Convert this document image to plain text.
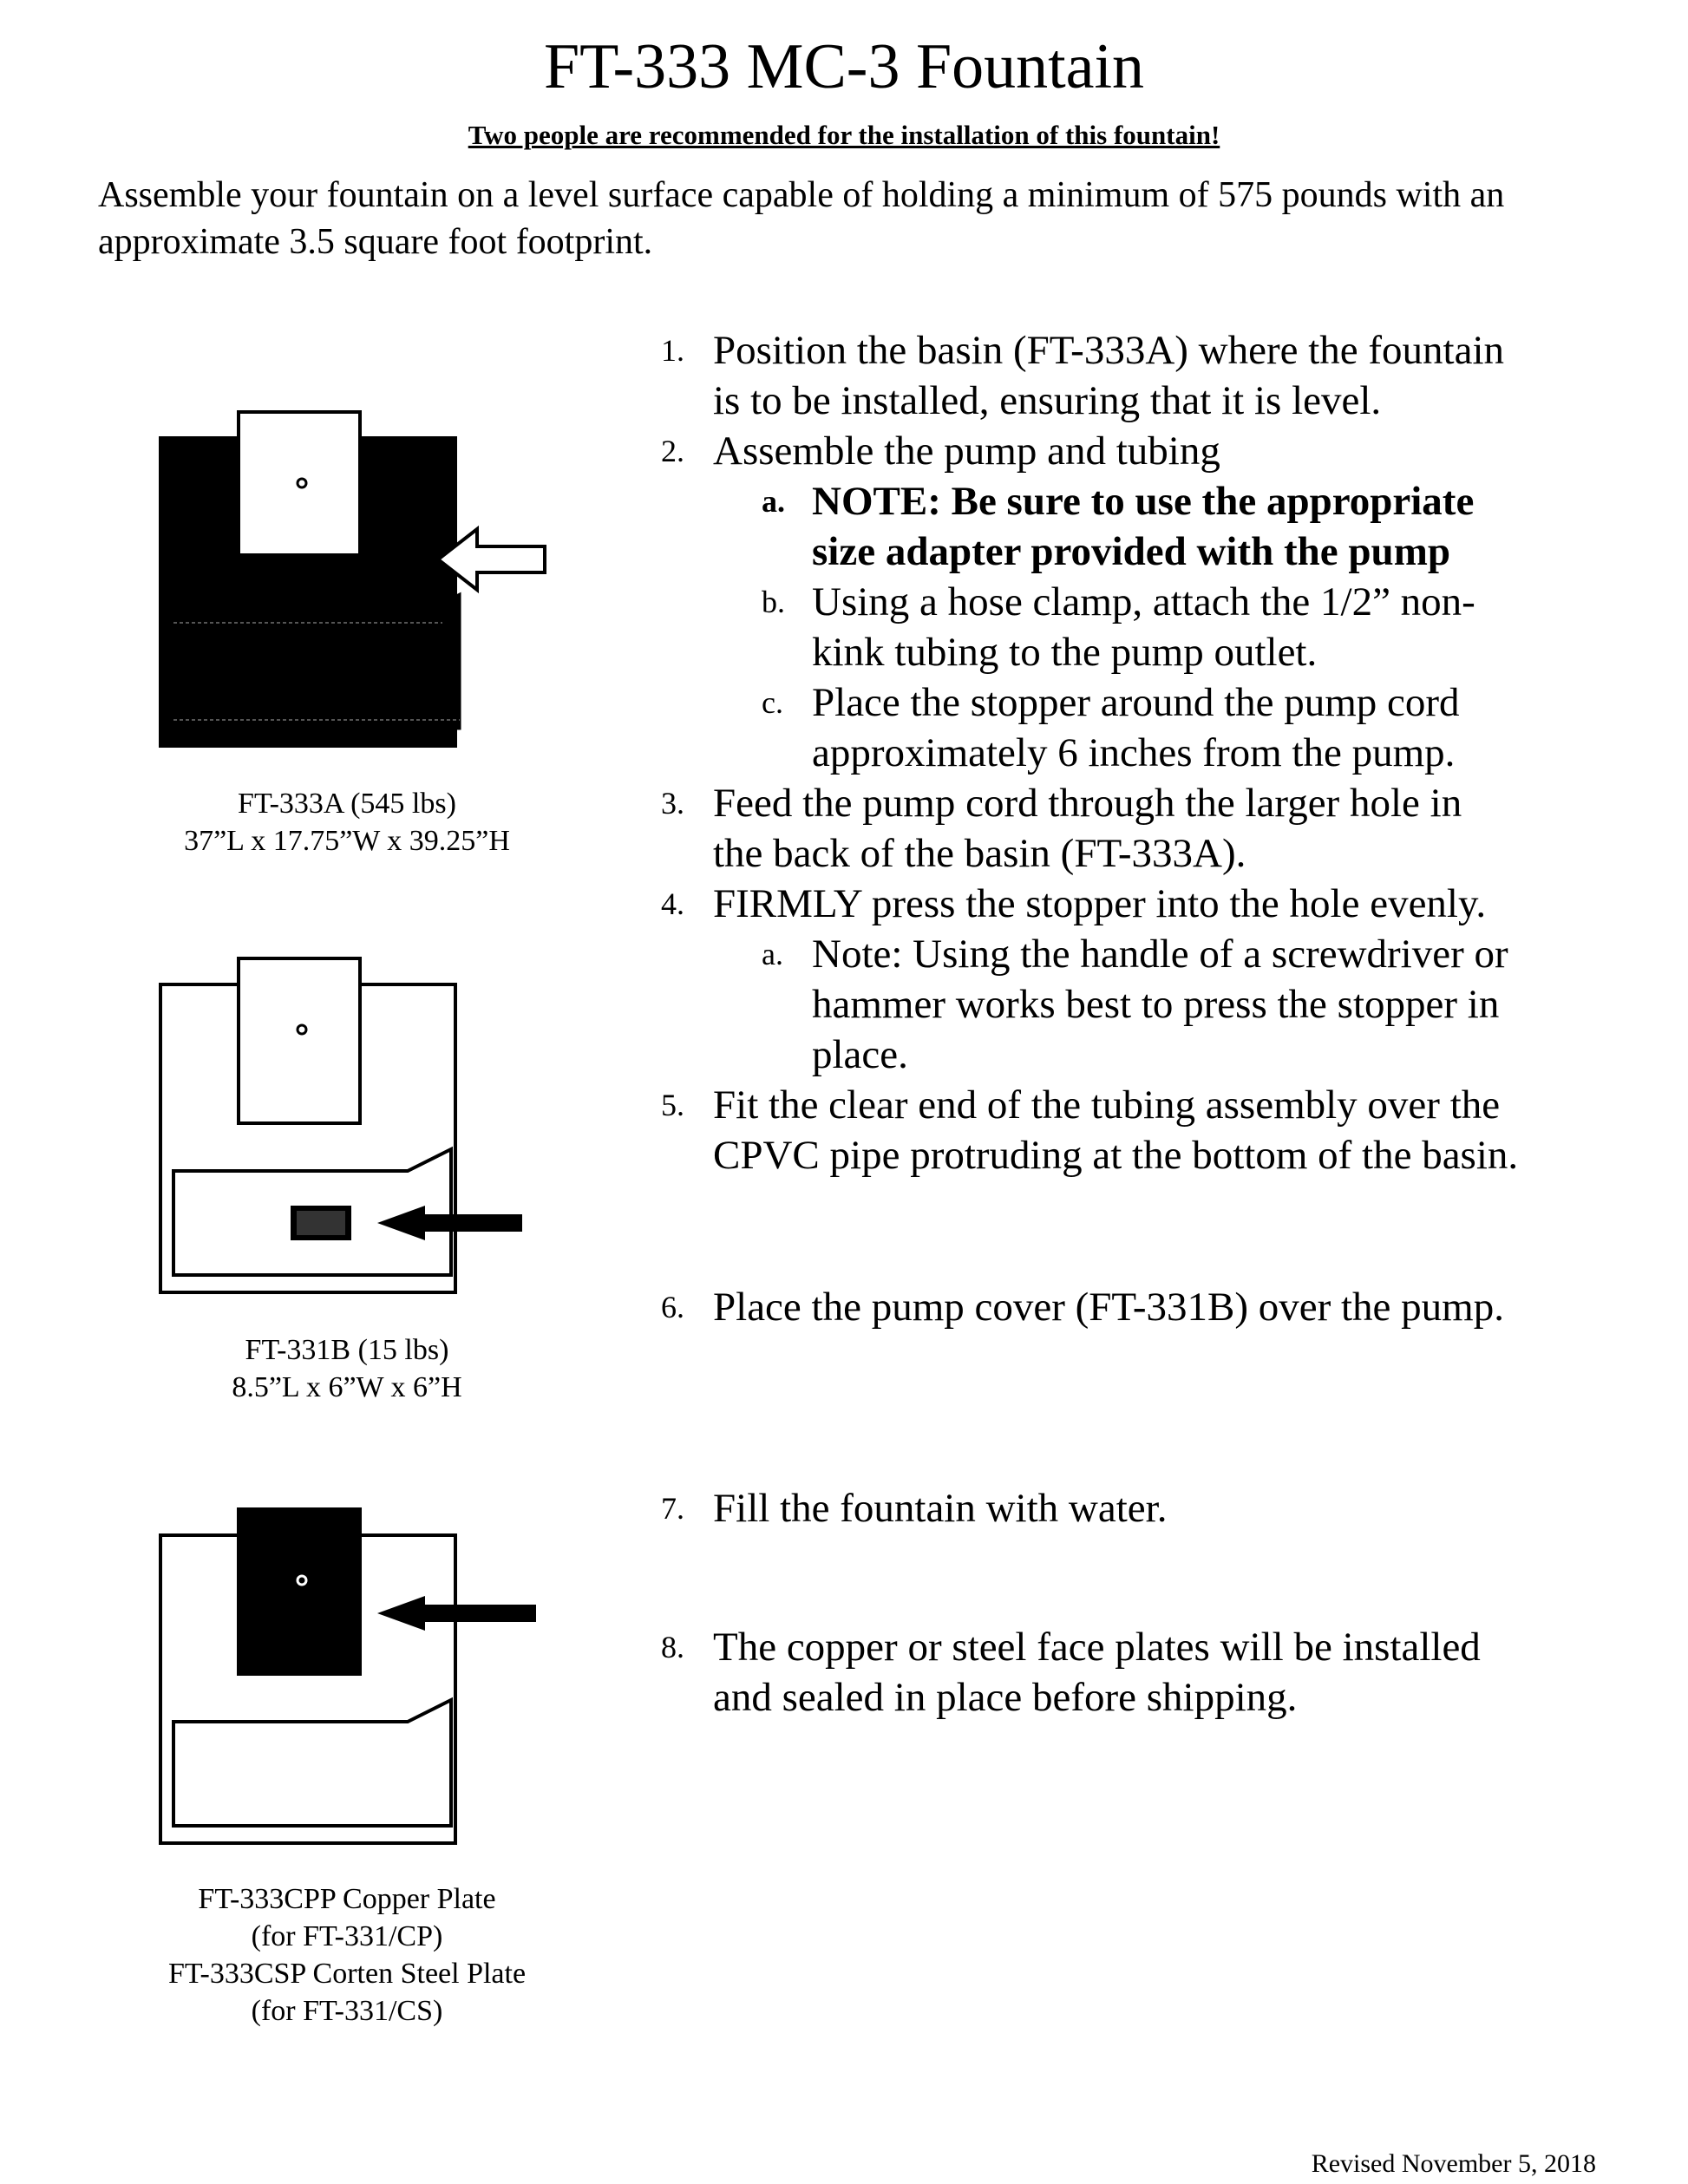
FT-333 MC-3 Fountain
Two people are recommended for the installation of this fountain!
Assemble your fountain on a level surface capable of holding a minimum of 575 pounds with an approximate 3.5 square foot footprint.
FT-333A (545 lbs)
37”L x 17.75”W x 39.25”H
FT-331B (15 lbs)
8.5”L x 6”W x 6”H
FT-333CPP Copper Plate
(for FT-331/CP)
FT-333CSP Corten Steel Plate
(for FT-331/CS)
1. Position the basin (FT-333A) where the fountain
is to be installed, ensuring that it is level.
2. Assemble the pump and tubing
a. NOTE: Be sure to use the appropriate
size adapter provided with the pump
b. Using a hose clamp, attach the 1/2” non-
kink tubing to the pump outlet.
c. Place the stopper around the pump cord
approximately 6 inches from the pump.
3. Feed the pump cord through the larger hole in
the back of the basin (FT-333A).
4. FIRMLY press the stopper into the hole evenly.
a. Note: Using the handle of a screwdriver or
hammer works best to press the stopper in
place.
5. Fit the clear end of the tubing assembly over the
CPVC pipe protruding at the bottom of the basin.
6. Place the pump cover (FT-331B) over the pump.
7. Fill the fountain with water.
8. The copper or steel face plates will be installed
and sealed in place before shipping.
Revised November 5, 2018
